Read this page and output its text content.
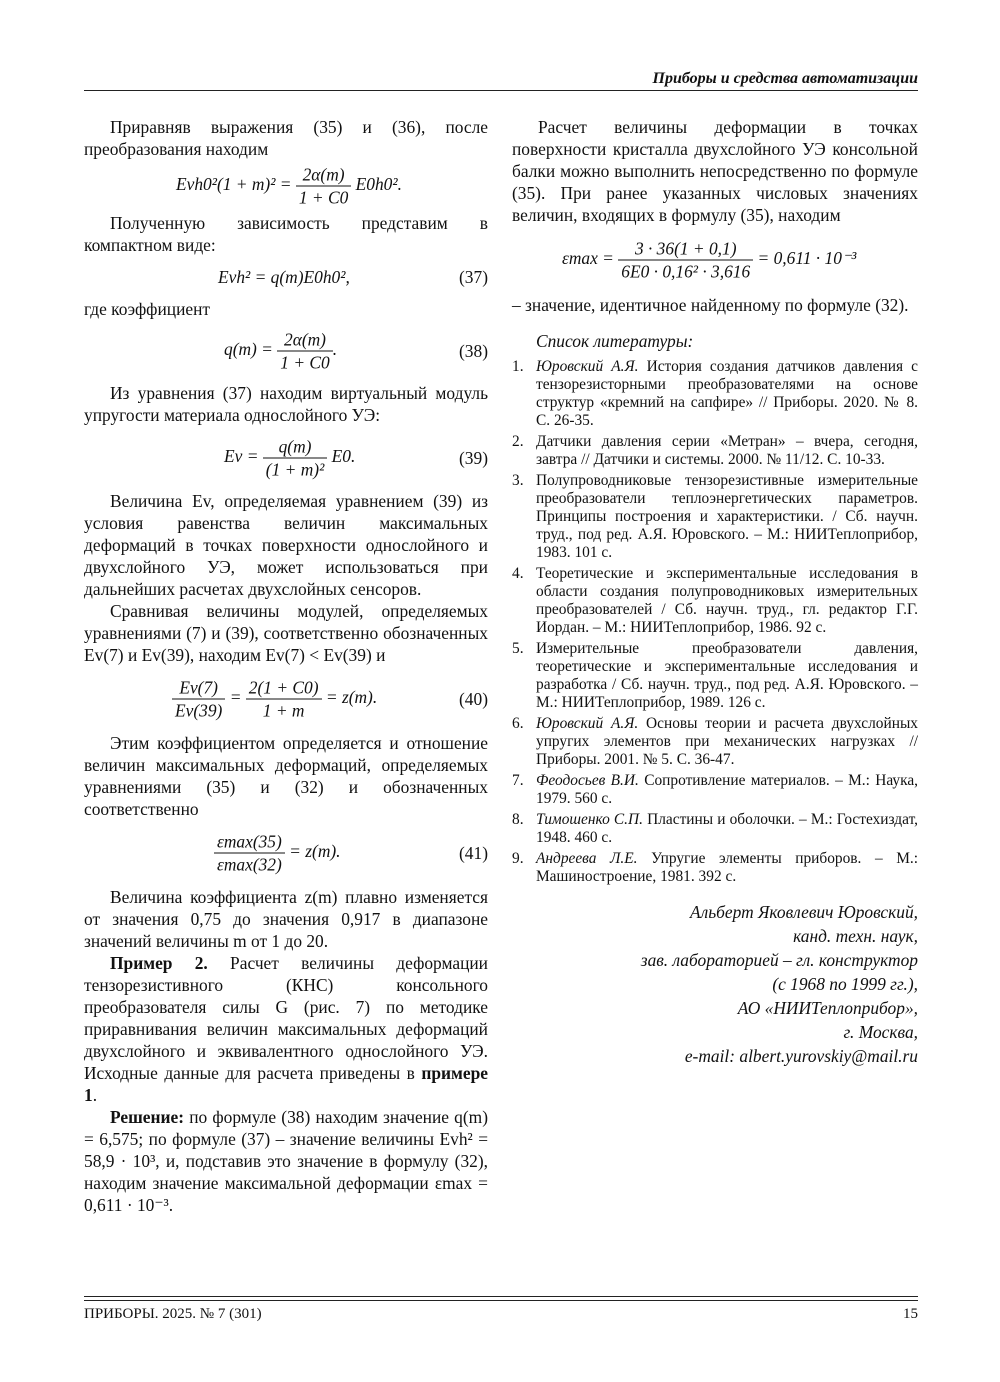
Приборы и средства автоматизации

Приравняв выражения (35) и (36), после преобразования находим

$Evh0^2(1 + m)^2 = \frac{2\alpha(m)}{1 + C0} E0h0^2$.

Полученную зависимость представим в компактном виде:

Evh² = q(m)E0h0²,	(37)

где коэффициент

$q(m) = \frac{2\alpha(m)}{1 + C0}$ .	(38)

Из уравнения (37) находим виртуальный модуль упругости материала однослойного УЭ:

$Ev = \frac{q(m)}{\text{(1 + m)²}} E0$.	(39)

Величина Ev, определяемая уравнением (39) из условия равенства величин максимальных деформаций в точках поверхности однослойного и двухслойного УЭ, может использоваться при дальнейших расчетах двухслойных сенсоров.

Сравнивая величины модулей, определяемых уравнениями (7) и (39), соответственно обозначенных Ev(7) и Ev(39), находим Ev(7) < Ev(39) и

$\frac{Ev(7)}{Ev(39)} = \frac{2(1 + C0)}{1 + m} = z(m)$.	(40)

Этим коэффициентом определяется и отношение величин максимальных деформаций, определяемых уравнениями (35) и (32) и обозначенных соответственно

$\frac{\varepsilon\max(35)}{\varepsilon\max(32)} = z(m)$.	(41)

Величина коэффициента z(m) плавно изменяется от значения 0,75 до значения 0,917 в диапазоне значений величины m от 1 до 20.

Пример 2. Расчет величины деформации тензорезистивного (КНС) консольного преобразователя силы G (рис. 7) по методике приравнивания величин максимальных деформаций двухслойного и эквивалентного однослойного УЭ. Исходные данные для расчета приведены в примере 1.

Решение: по формуле (38) находим значение q(m) = 6,575; по формуле (37) – значение величины Evh² = 58,9 · 10³, и, подставив это значение в формулу (32), находим значение максимальной деформации εmax = 0,611 · 10⁻³.

Расчет величины деформации в точках поверхности кристалла двухслойного УЭ консольной балки можно выполнить непосредственно по формуле (35). При ранее указанных числовых значениях величин, входящих в формулу (35), находим

$\varepsilon\max = \frac{3 \cdot 36(1 + 0,1)}{\text{6E0 · 0,16² · 3,616}} = 0,611 \cdot 10^{-3}$

– значение, идентичное найденному по формуле (32).

Список литературы:
1. Юровский А.Я. История создания датчиков давления с тензорезисторными преобразователями на основе структур «кремний на сапфире» // Приборы. 2020. № 8. С. 26-35.
2. Датчики давления серии «Метран» – вчера, сегодня, завтра // Датчики и системы. 2000. № 11/12. С. 10-33.
3. Полупроводниковые тензорезистивные измерительные преобразователи теплоэнергетических параметров. Принципы построения и характеристики. / Сб. научн. труд., под ред. А.Я. Юровского. – М.: НИИТеплоприбор, 1983. 101 с.
4. Теоретические и экспериментальные исследования в области создания полупроводниковых измерительных преобразователей / Сб. научн. труд., гл. редактор Г.Г. Иордан. – М.: НИИТеплоприбор, 1986. 92 с.
5. Измерительные преобразователи давления, теоретические и экспериментальные исследования и разработка / Сб. научн. труд., под ред. А.Я. Юровского. – М.: НИИТеплоприбор, 1989. 126 с.
6. Юровский А.Я. Основы теории и расчета двухслойных упругих элементов при механических нагрузках // Приборы. 2001. № 5. С. 36-47.
7. Феодосьев В.И. Сопротивление материалов. – М.: Наука, 1979. 560 с.
8. Тимошенко С.П. Пластины и оболочки. – М.: Гостехиздат, 1948. 460 с.
9. Андреева Л.Е. Упругие элементы приборов. – М.: Машиностроение, 1981. 392 с.
Альберт Яковлевич Юровский,
канд. техн. наук,
зав. лабораторией – гл. конструктор
(с 1968 по 1999 гг.),
АО «НИИТеплоприбор»,
г. Москва,
e-mail: albert.yurovskiy@mail.ru
ПРИБОРЫ. 2025. № 7 (301)	15
